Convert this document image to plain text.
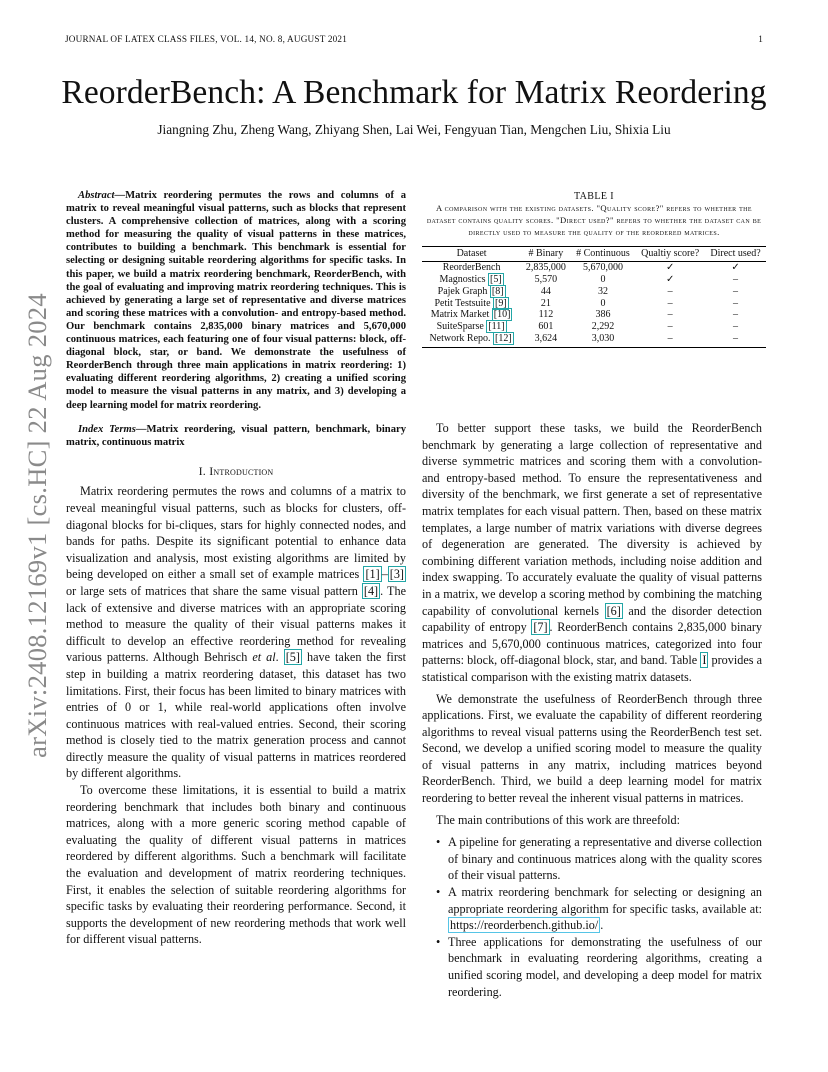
JOURNAL OF LATEX CLASS FILES, VOL. 14, NO. 8, AUGUST 2021	1
arXiv:2408.12169v1 [cs.HC] 22 Aug 2024
ReorderBench: A Benchmark for Matrix Reordering
Jiangning Zhu, Zheng Wang, Zhiyang Shen, Lai Wei, Fengyuan Tian, Mengchen Liu, Shixia Liu

Abstract—Matrix reordering permutes the rows and columns of a matrix to reveal meaningful visual patterns, such as blocks that represent clusters. A comprehensive collection of matrices, along with a scoring method for measuring the quality of visual patterns in these matrices, contributes to building a benchmark. This benchmark is essential for selecting or designing suitable reordering algorithms for specific tasks. In this paper, we build a matrix reordering benchmark, ReorderBench, with the goal of evaluating and improving matrix reordering techniques. This is achieved by generating a large set of representative and diverse matrices and scoring these matrices with a convolution- and entropy-based method. Our benchmark contains 2,835,000 binary matrices and 5,670,000 continuous matrices, each featuring one of four visual patterns: block, off-diagonal block, star, or band. We demonstrate the usefulness of ReorderBench through three main applications in matrix reordering: 1) evaluating different reordering algorithms, 2) creating a unified scoring model to measure the visual patterns in any matrix, and 3) developing a deep learning model for matrix reordering.

Index Terms—Matrix reordering, visual pattern, benchmark, binary matrix, continuous matrix

I. Introduction

Matrix reordering permutes the rows and columns of a matrix to reveal meaningful visual patterns, such as blocks for clusters, off-diagonal blocks for bi-cliques, stars for highly connected nodes, and bands for paths. Despite its significant potential to enhance data visualization and analysis, most existing algorithms are limited by being developed on either a small set of example matrices [1] – [3] or large sets of matrices that share the same visual pattern [4] . The lack of extensive and diverse matrices with an appropriate scoring method to measure the quality of their visual patterns makes it difficult to develop an effective reordering method for revealing various patterns. Although Behrisch et al. [5] have taken the first step in building a matrix reordering dataset, this dataset has two limitations. First, their focus has been limited to binary matrices with entries of 0 or 1, while real-world applications often involve continuous matrices with real-valued entries. Second, their scoring method is closely tied to the matrix generation process and cannot directly measure the quality of visual patterns in matrices reordered by different algorithms.

To overcome these limitations, it is essential to build a matrix reordering benchmark that includes both binary and continuous matrices, along with a more generic scoring method capable of evaluating the quality of different visual patterns in matrices reordered by different algorithms. Such a benchmark will facilitate the evaluation and development of matrix reordering techniques. First, it enables the selection of suitable reordering algorithms for specific tasks by evaluating their reordering performance. Second, it supports the development of new reordering methods that work well for different visual patterns.

TABLE I
A comparison with the existing datasets. "Quality score?" refers to whether the dataset contains quality scores. "Direct used?" refers to whether the dataset can be directly used to measure the quality of the reordered matrices.
Dataset	# Binary	# Continuous	Qualtiy score?	Direct used?
ReorderBench	2,835,000	5,670,000	✓	✓
Magnostics [5]	5,570	0	✓	–
Pajek Graph [8]	44	32	–	–
Petit Testsuite [9]	21	0	–	–
Matrix Market [10]	112	386	–	–
SuiteSparse [11]	601	2,292	–	–
Network Repo. [12]	3,624	3,030	–	–

To better support these tasks, we build the ReorderBench benchmark by generating a large collection of representative and diverse symmetric matrices and scoring them with a convolution- and entropy-based method. To ensure the representativeness and diversity of the benchmark, we first generate a set of representative matrix templates for each visual pattern. Then, based on these matrix templates, a large number of matrix variations with diverse degrees of degeneration are generated. The diversity is achieved by combining different variation methods, including noise addition and index swapping. To accurately evaluate the quality of visual patterns in a matrix, we develop a scoring method by combining the matching capability of convolutional kernels [6] and the disorder detection capability of entropy [7] . ReorderBench contains 2,835,000 binary matrices and 5,670,000 continuous matrices, categorized into four patterns: block, off-diagonal block, star, and band. Table I provides a statistical comparison with the existing matrix datasets.

We demonstrate the usefulness of ReorderBench through three applications. First, we evaluate the capability of different reordering algorithms to reveal visual patterns using the ReorderBench test set. Second, we develop a unified scoring model to measure the quality of visual patterns in any matrix, including matrices beyond ReorderBench. Third, we build a deep learning model for matrix reordering to better reveal the inherent visual patterns in matrices.

The main contributions of this work are threefold:

• A pipeline for generating a representative and diverse collection of binary and continuous matrices along with the quality scores of their visual patterns.
• A matrix reordering benchmark for selecting or designing an appropriate reordering algorithm for specific tasks, available at: https://reorderbench.github.io/ .
• Three applications for demonstrating the usefulness of our benchmark in evaluating reordering algorithms, creating a unified scoring model, and developing a deep model for matrix reordering.
